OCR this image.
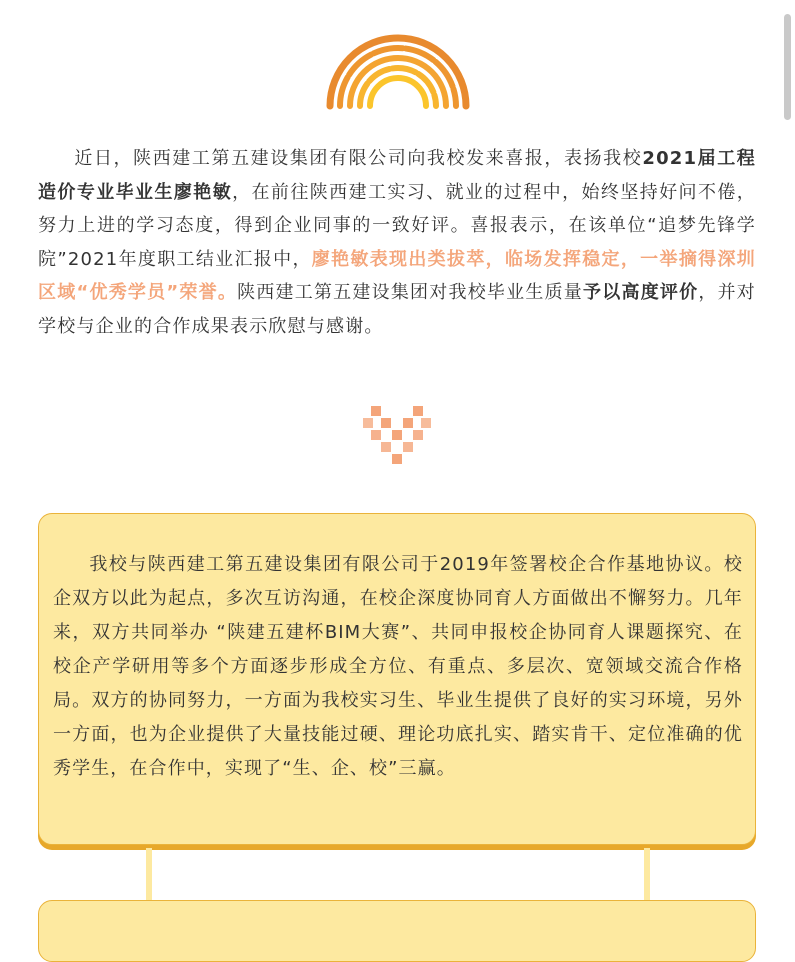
近日，陕西建工第五建设集团有限公司向我校发来喜报，表扬我校2021届工程造价专业毕业生廖艳敏，在前往陕西建工实习、就业的过程中，始终坚持好问不倦，努力上进的学习态度，得到企业同事的一致好评。喜报表示，在该单位“追梦先锋学院”2021年度职工结业汇报中，廖艳敏表现出类拔萃，临场发挥稳定，一举摘得深圳区域“优秀学员”荣誉。陕西建工第五建设集团对我校毕业生质量予以高度评价，并对学校与企业的合作成果表示欣慰与感谢。

我校与陕西建工第五建设集团有限公司于2019年签署校企合作基地协议。校企双方以此为起点，多次互访沟通，在校企深度协同育人方面做出不懈努力。几年来，双方共同举办 “陕建五建杯BIM大赛”、共同申报校企协同育人课题探究、在校企产学研用等多个方面逐步形成全方位、有重点、多层次、宽领域交流合作格局。双方的协同努力，一方面为我校实习生、毕业生提供了良好的实习环境，另外一方面，也为企业提供了大量技能过硬、理论功底扎实、踏实肯干、定位准确的优秀学生，在合作中，实现了“生、企、校”三赢。
